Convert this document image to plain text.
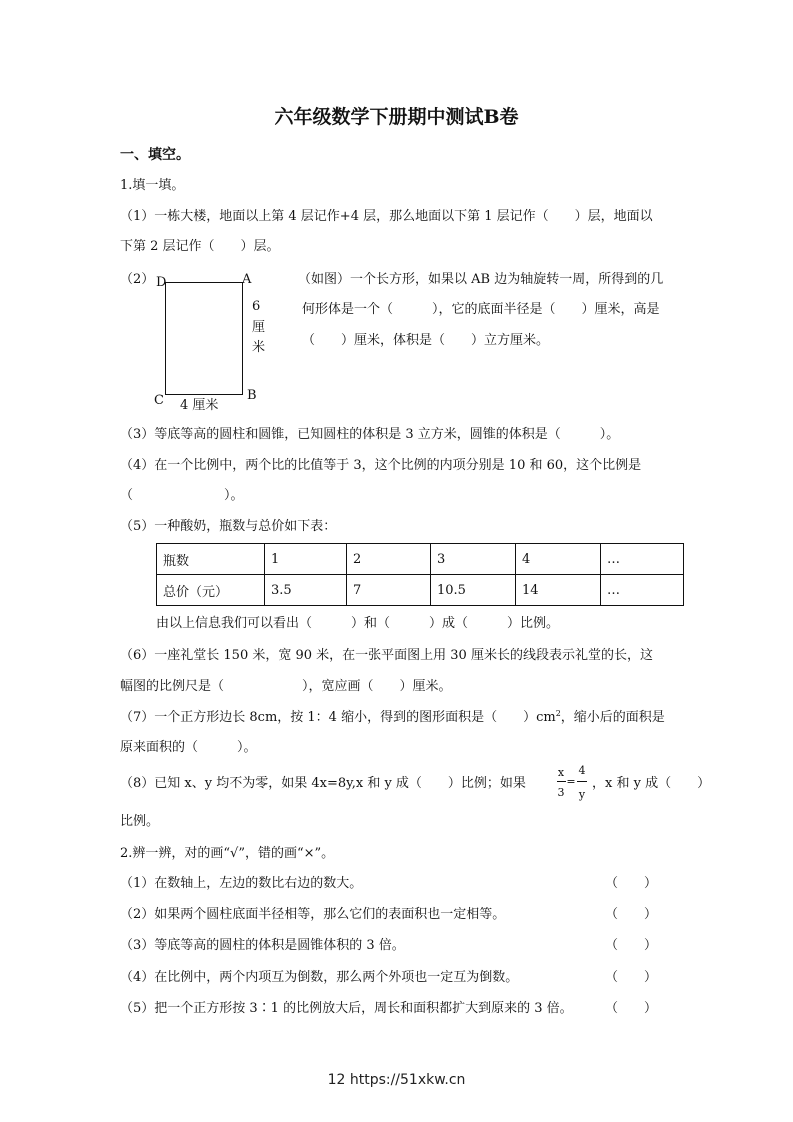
六年级数学下册期中测试B卷
一、填空。
1.填一填。
（1）一栋大楼，地面以上第 4 层记作+4 层，那么地面以下第 1 层记作（　　）层，地面以
下第 2 层记作（　　）层。
（2） D	A
C	B
6
厘
米
4 厘米
（如图）一个长方形，如果以 AB 边为轴旋转一周，所得到的几
何形体是一个（　　　），它的底面半径是（　　）厘米，高是
（　　）厘米，体积是（　　）立方厘米。
（3）等底等高的圆柱和圆锥，已知圆柱的体积是 3 立方米，圆锥的体积是（　　　）。
（4）在一个比例中，两个比的比值等于 3，这个比例的内项分别是 10 和 60，这个比例是
（　　　　　　　）。
（5）一种酸奶，瓶数与总价如下表：
瓶数	1	2	3	4	…
总价（元）	3.5	7	10.5	14	…
由以上信息我们可以看出（　　　）和（　　　）成（　　　）比例。
（6）一座礼堂长 150 米，宽 90 米，在一张平面图上用 30 厘米长的线段表示礼堂的长，这
幅图的比例尺是（　　　　　　），宽应画（　　）厘米。
（7）一个正方形边长 8cm，按 1：4 缩小，得到的图形面积是（　　）$cm^2$，缩小后的面积是
原来面积的（　　　）。
（8）已知 x、y 均不为零，如果 4x=8y,x 和 y 成（　　）比例；如果
x
3
=
4
y
，x 和 y 成（　　）
比例。
2.辨一辨，对的画“√”，错的画“×”。
（1）在数轴上，左边的数比右边的数大。	（　　）
（2）如果两个圆柱底面半径相等，那么它们的表面积也一定相等。	（　　）
（3）等底等高的圆柱的体积是圆锥体积的 3 倍。	（　　）
（4）在比例中，两个内项互为倒数，那么两个外项也一定互为倒数。	（　　）
（5）把一个正方形按 3∶1 的比例放大后，周长和面积都扩大到原来的 3 倍。 （　　）
12 https://51xkw.cn
